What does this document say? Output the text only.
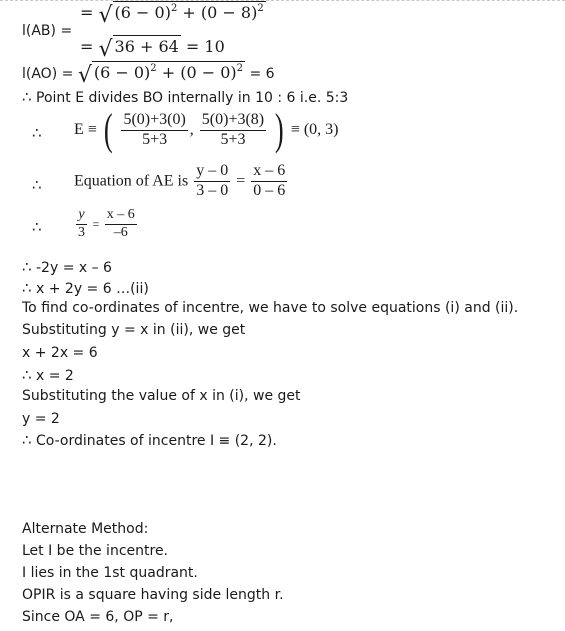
l(AB) =
= √ $(6 - 0)^2 + (0 - 8)^2$
= √ 36 + 64 = 10
l(AO) = √ $(6 - 0)^2 + (0 - 0)^2 = 6$
∴ Point E divides BO internally in 10 : 6 i.e. 5:3
∴ E ≡ ( $\frac{5(0)+3(0)}{5+3}$ , $\frac{5(0)+3(8)}{5+3}$ ) ≡ (0, 3)
∴ Equation of AE is $\frac{y - 0}{3 - 0} = \frac{x - 6}{0 - 6}$
∴ $\frac{y}{3} = \frac{x - 6}{-6}$
∴ -2y = x – 6
∴ x + 2y = 6 …(ii)
To find co-ordinates of incentre, we have to solve equations (i) and (ii).
Substituting y = x in (ii), we get
x + 2x = 6
∴ x = 2
Substituting the value of x in (i), we get
y = 2
∴ Co-ordinates of incentre I ≡ (2, 2).
Alternate Method:
Let I be the incentre.
I lies in the 1st quadrant.
OPIR is a square having side length r.
Since OA = 6, OP = r,
